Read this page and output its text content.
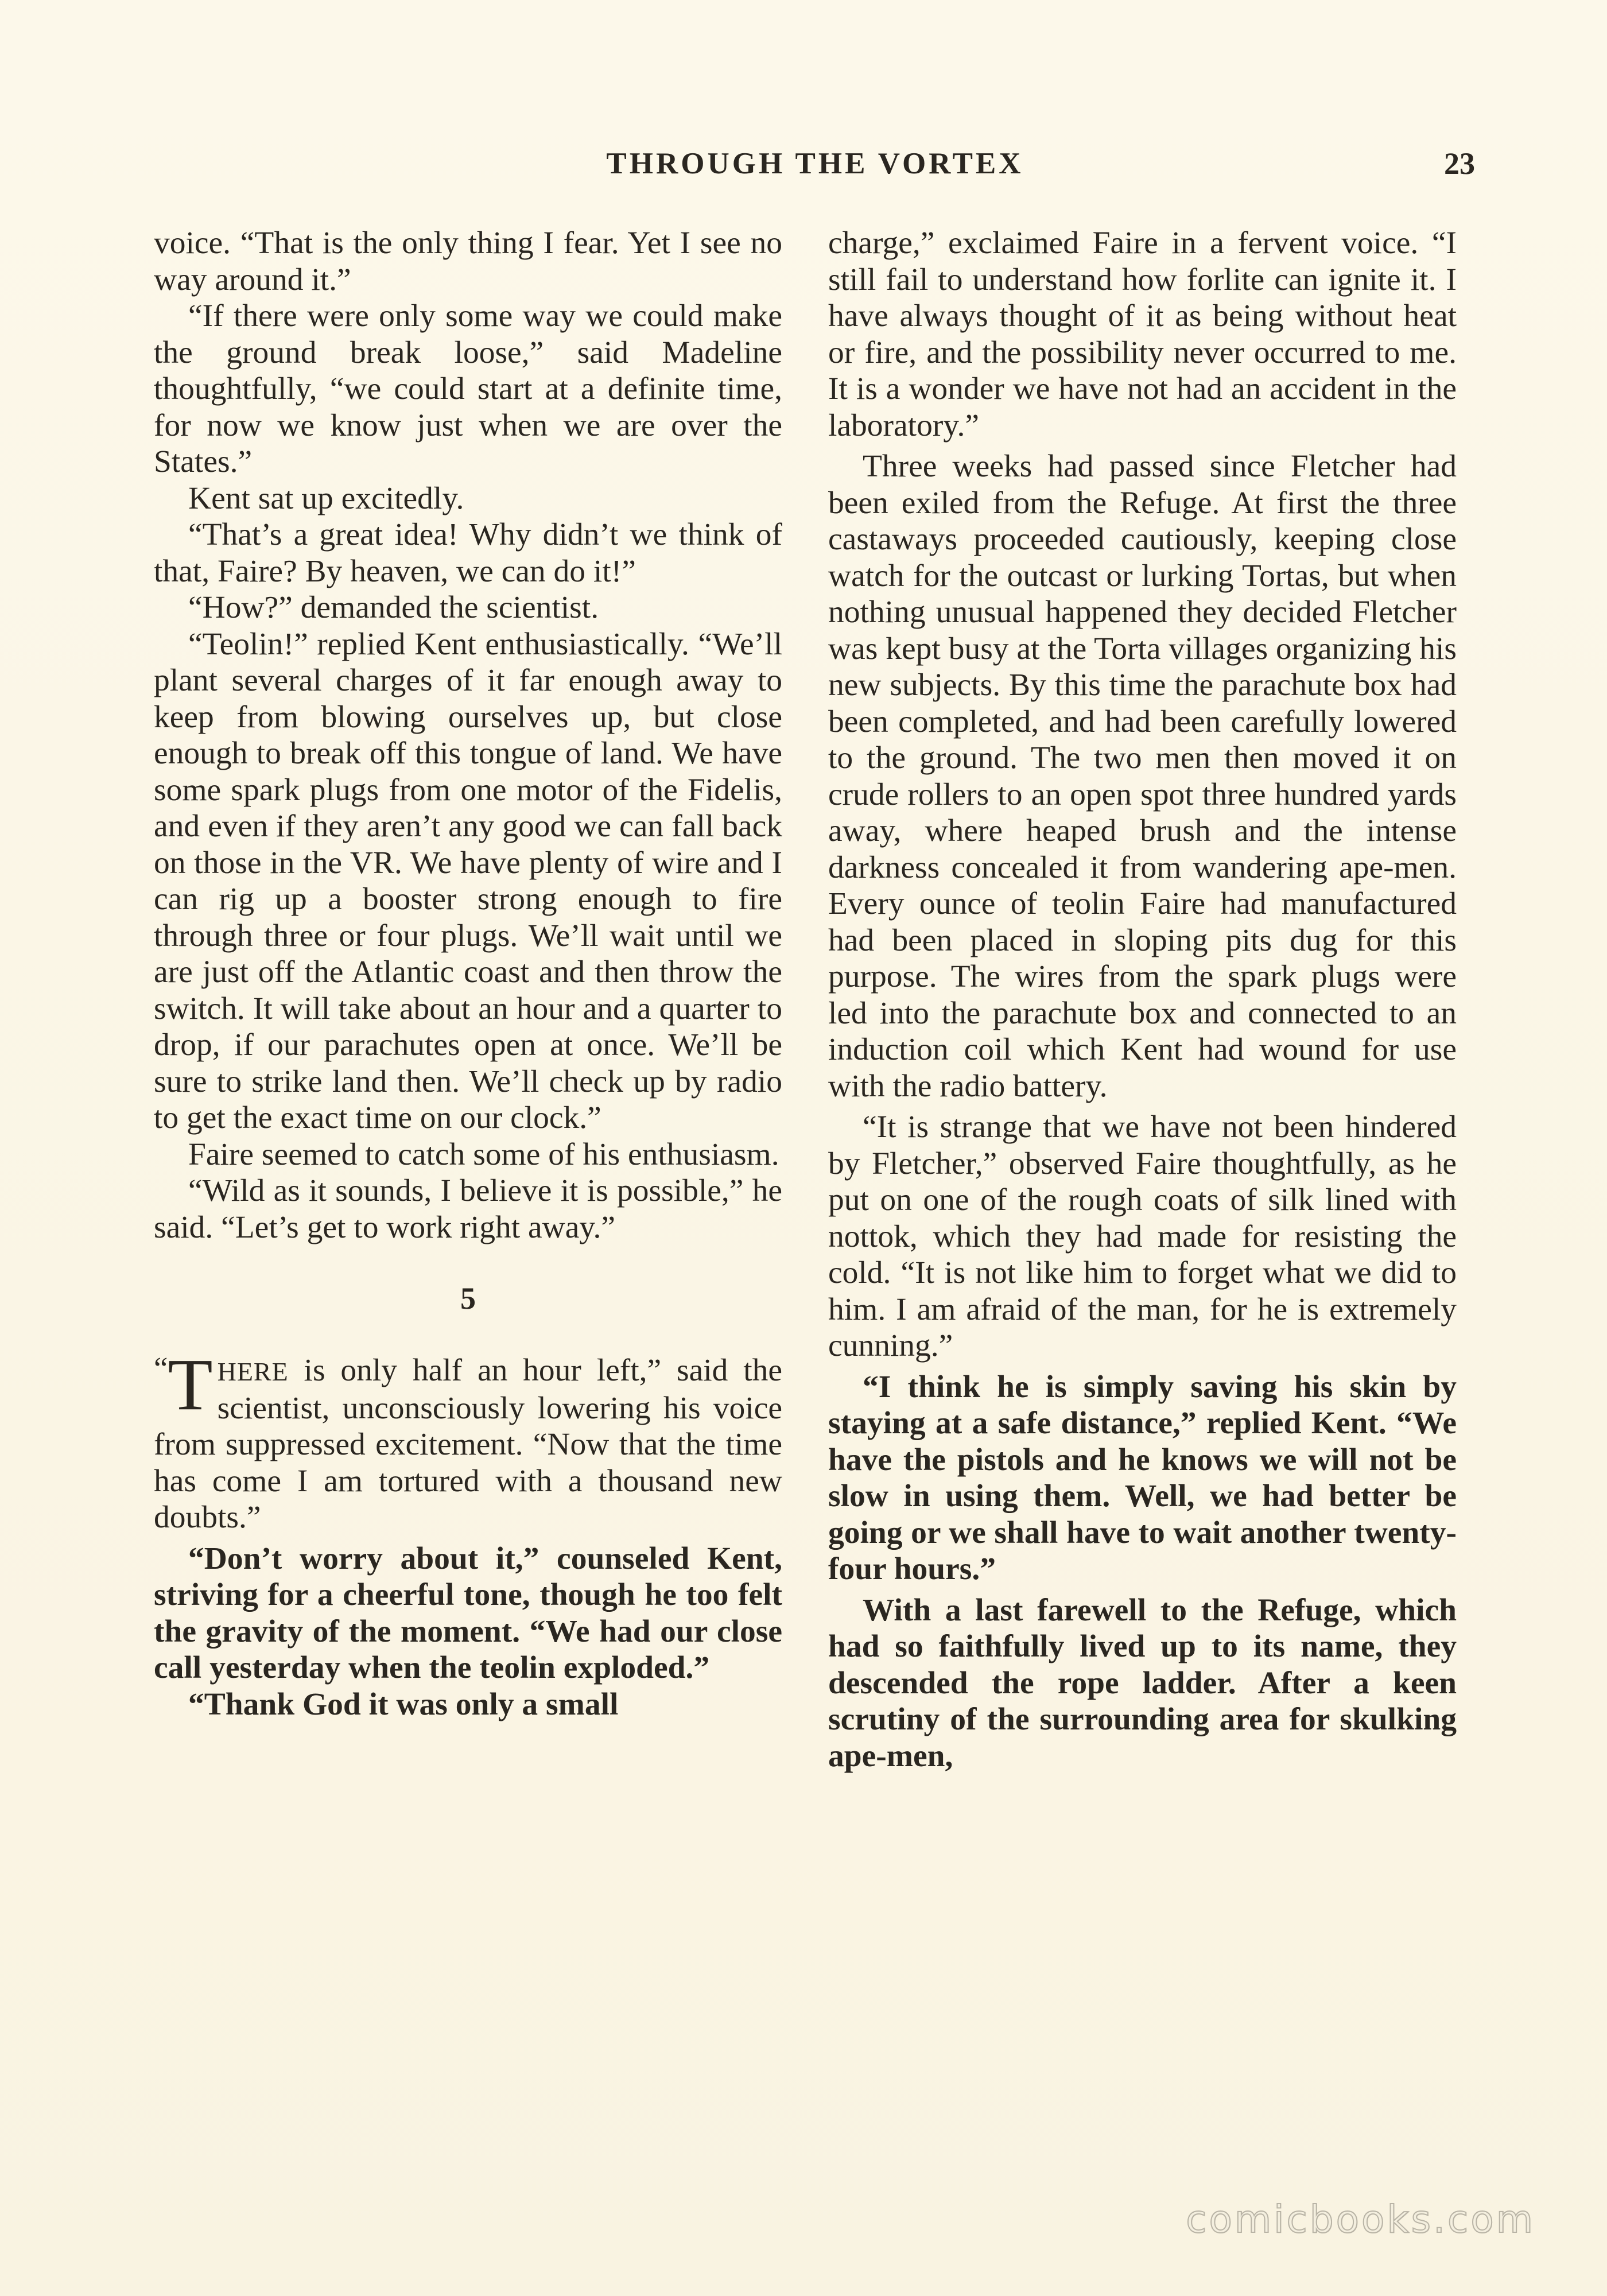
THROUGH THE VORTEX	23

voice. “That is the only thing I fear. Yet I see no way around it.”

“If there were only some way we could make the ground break loose,” said Madeline thoughtfully, “we could start at a definite time, for now we know just when we are over the States.”

Kent sat up excitedly.

“That’s a great idea! Why didn’t we think of that, Faire? By heaven, we can do it!”

“How?” demanded the scientist.

“Teolin!” replied Kent enthusiastically. “We’ll plant several charges of it far enough away to keep from blowing ourselves up, but close enough to break off this tongue of land. We have some spark plugs from one motor of the Fidelis, and even if they aren’t any good we can fall back on those in the VR. We have plenty of wire and I can rig up a booster strong enough to fire through three or four plugs. We’ll wait until we are just off the Atlantic coast and then throw the switch. It will take about an hour and a quarter to drop, if our parachutes open at once. We’ll be sure to strike land then. We’ll check up by radio to get the exact time on our clock.”

Faire seemed to catch some of his enthusiasm.

“Wild as it sounds, I believe it is possible,” he said. “Let’s get to work right away.”

5

“T HERE is only half an hour left,” said the scientist, unconsciously lowering his voice from suppressed excitement. “Now that the time has come I am tortured with a thousand new doubts.”

“Don’t worry about it,” counseled Kent, striving for a cheerful tone, though he too felt the gravity of the moment. “We had our close call yesterday when the teolin exploded.”

“Thank God it was only a small

charge,” exclaimed Faire in a fervent voice. “I still fail to understand how forlite can ignite it. I have always thought of it as being without heat or fire, and the possibility never occurred to me. It is a wonder we have not had an accident in the laboratory.”

Three weeks had passed since Fletcher had been exiled from the Refuge. At first the three castaways proceeded cautiously, keeping close watch for the outcast or lurking Tortas, but when nothing unusual happened they decided Fletcher was kept busy at the Torta villages organizing his new subjects. By this time the parachute box had been completed, and had been carefully lowered to the ground. The two men then moved it on crude rollers to an open spot three hundred yards away, where heaped brush and the intense darkness concealed it from wandering ape-men. Every ounce of teolin Faire had manufactured had been placed in sloping pits dug for this purpose. The wires from the spark plugs were led into the parachute box and connected to an induction coil which Kent had wound for use with the radio battery.

“It is strange that we have not been hindered by Fletcher,” observed Faire thoughtfully, as he put on one of the rough coats of silk lined with nottok, which they had made for resisting the cold. “It is not like him to forget what we did to him. I am afraid of the man, for he is extremely cunning.”

“I think he is simply saving his skin by staying at a safe distance,” replied Kent. “We have the pistols and he knows we will not be slow in using them. Well, we had better be going or we shall have to wait another twenty-four hours.”

With a last farewell to the Refuge, which had so faithfully lived up to its name, they descended the rope ladder. After a keen scrutiny of the surrounding area for skulking ape-men,

comicbooks.com
